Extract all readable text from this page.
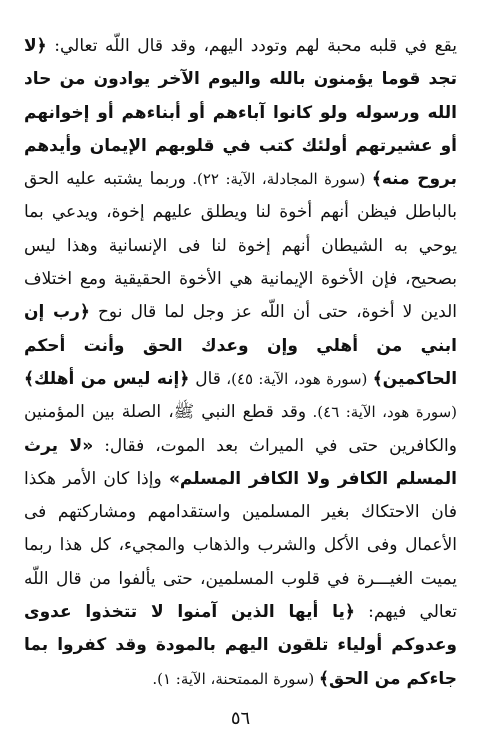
يقع في قلبه محبة لهم وتودد اليهم، وقد قال اللّه تعالي: ﴿لا تجد قوما يؤمنون بالله واليوم الآخر يوادون من حاد الله ورسوله ولو كانوا آباءهم أو أبناءهم أو إخوانهم أو عشيرتهم أولئك كتب في قلوبهم الإيمان وأيدهم بروح منه﴾ (سورة المجادلة، الآية: ٢٢). وربما يشتبه عليه الحق بالباطل فيظن أنهم أخوة لنا ويطلق عليهم إخوة، ويدعي بما يوحي به الشيطان أنهم إخوة لنا فى الإنسانية وهذا ليس بصحيح، فإن الأخوة الإيمانية هي الأخوة الحقيقية ومع اختلاف الدين لا أخوة، حتى أن اللّه عز وجل لما قال نوح ﴿رب إن ابني من أهلي وإن وعدك الحق وأنت أحكم الحاكمين﴾ (سورة هود، الآية: ٤٥)، قال ﴿إنه ليس من أهلك﴾ (سورة هود، الآية: ٤٦). وقد قطع النبي ﷺ، الصلة بين المؤمنين والكافرين حتى في الميراث بعد الموت، فقال: «لا يرث المسلم الكافر ولا الكافر المسلم» وإذا كان الأمر هكذا فان الاحتكاك بغير المسلمين واستقدامهم ومشاركتهم فى الأعمال وفى الأكل والشرب والذهاب والمجيء، كل هذا ربما يميت الغيـــرة في قلوب المسلمين، حتى يألفوا من قال اللّه تعالي فيهم: ﴿يا أيها الذين آمنوا لا تتخذوا عدوى وعدوكم أولياء تلقون اليهم بالمودة وقد كفروا بما جاءكم من الحق﴾ (سورة الممتحنة، الآية: ١).
٥٦
